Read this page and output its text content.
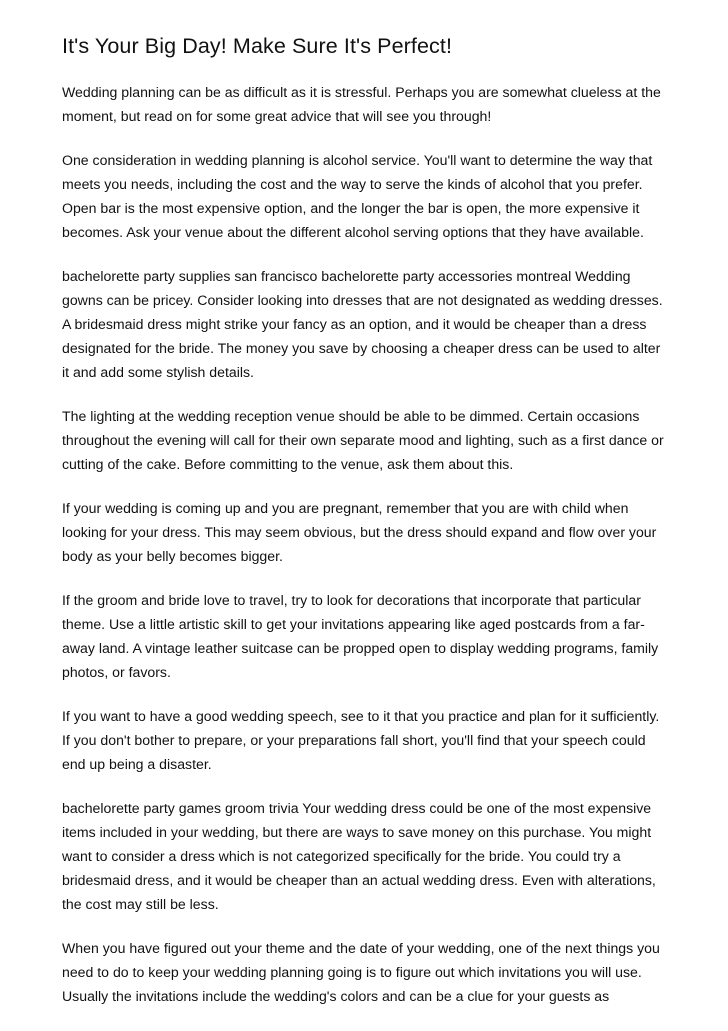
It's Your Big Day! Make Sure It's Perfect!

Wedding planning can be as difficult as it is stressful. Perhaps you are somewhat clueless at the moment, but read on for some great advice that will see you through!

One consideration in wedding planning is alcohol service. You'll want to determine the way that meets you needs, including the cost and the way to serve the kinds of alcohol that you prefer. Open bar is the most expensive option, and the longer the bar is open, the more expensive it becomes. Ask your venue about the different alcohol serving options that they have available.

bachelorette party supplies san francisco bachelorette party accessories montreal Wedding gowns can be pricey. Consider looking into dresses that are not designated as wedding dresses. A bridesmaid dress might strike your fancy as an option, and it would be cheaper than a dress designated for the bride. The money you save by choosing a cheaper dress can be used to alter it and add some stylish details.

The lighting at the wedding reception venue should be able to be dimmed. Certain occasions throughout the evening will call for their own separate mood and lighting, such as a first dance or cutting of the cake. Before committing to the venue, ask them about this.

If your wedding is coming up and you are pregnant, remember that you are with child when looking for your dress. This may seem obvious, but the dress should expand and flow over your body as your belly becomes bigger.

If the groom and bride love to travel, try to look for decorations that incorporate that particular theme. Use a little artistic skill to get your invitations appearing like aged postcards from a far-away land. A vintage leather suitcase can be propped open to display wedding programs, family photos, or favors.

If you want to have a good wedding speech, see to it that you practice and plan for it sufficiently. If you don't bother to prepare, or your preparations fall short, you'll find that your speech could end up being a disaster.

bachelorette party games groom trivia Your wedding dress could be one of the most expensive items included in your wedding, but there are ways to save money on this purchase. You might want to consider a dress which is not categorized specifically for the bride. You could try a bridesmaid dress, and it would be cheaper than an actual wedding dress. Even with alterations, the cost may still be less.

When you have figured out your theme and the date of your wedding, one of the next things you need to do to keep your wedding planning going is to figure out which invitations you will use. Usually the invitations include the wedding's colors and can be a clue for your guests as
